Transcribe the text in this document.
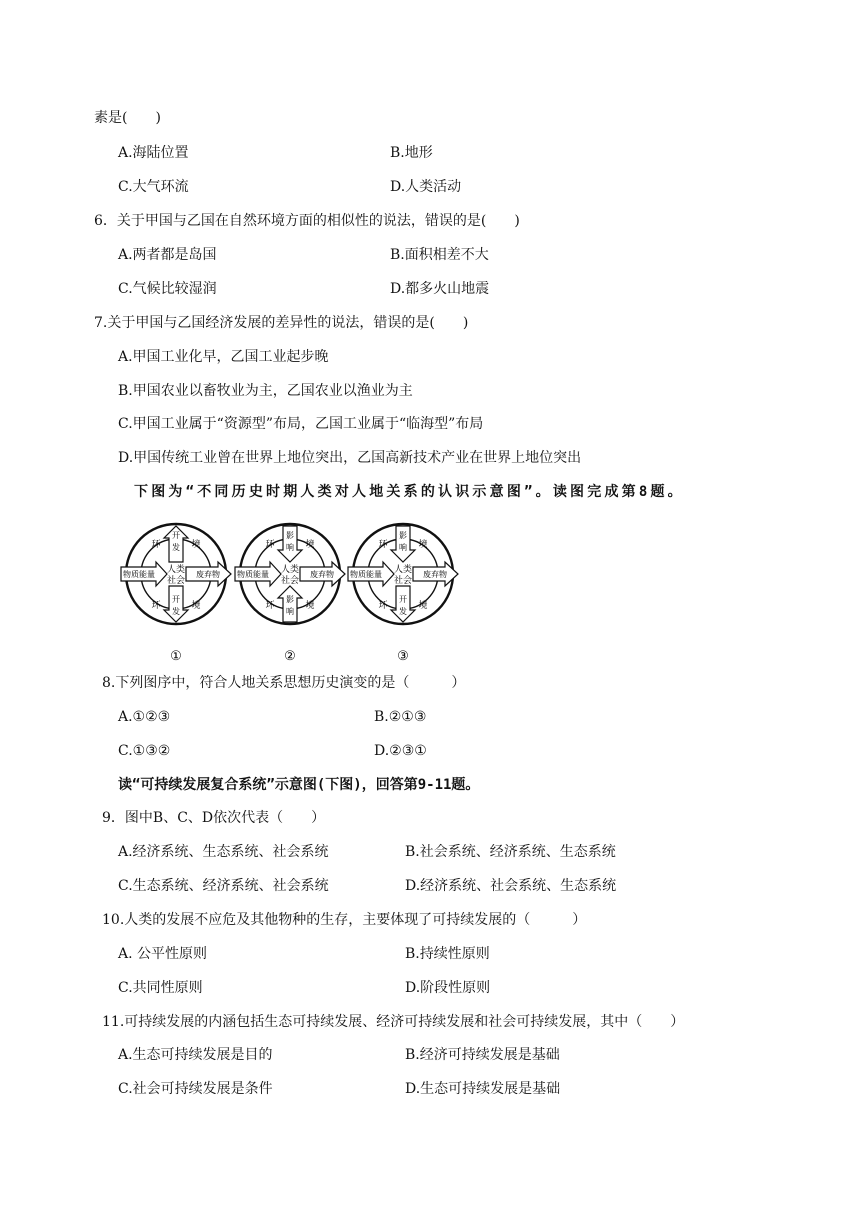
素是(　　)
A.海陆位置	B.地形
C.大气环流	D.人类活动
6．关于甲国与乙国在自然环境方面的相似性的说法，错误的是(　　)
A.两者都是岛国	B.面积相差不大
C.气候比较湿润	D.都多火山地震
7.关于甲国与乙国经济发展的差异性的说法，错误的是(　　)
A.甲国工业化早，乙国工业起步晚
B.甲国农业以畜牧业为主，乙国农业以渔业为主
C.甲国工业属于“资源型”布局，乙国工业属于“临海型”布局
D.甲国传统工业曾在世界上地位突出，乙国高新技术产业在世界上地位突出
下图为“不同历史时期人类对人地关系的认识示意图”。读图完成第8题。
环	境
开
发
人类
社会
物质能量	废弃物
环	境
开
发
环	境
影
响
人类
社会
物质能量	废弃物
环	境
影
响
环	境
影
响
人类
社会
物质能量	废弃物
环	境
开
发
①	②	③
8.下列图序中，符合人地关系思想历史演变的是（　　　）
A.①②③	B.②①③
C.①③②	D.②③①
读“可持续发展复合系统”示意图(下图)，回答第9-11题。
9．图中B、C、D依次代表（　　）
A.经济系统、生态系统、社会系统	B.社会系统、经济系统、生态系统
C.生态系统、经济系统、社会系统	D.经济系统、社会系统、生态系统
10.人类的发展不应危及其他物种的生存，主要体现了可持续发展的（　　　）
A. 公平性原则	B.持续性原则
C.共同性原则	D.阶段性原则
11.可持续发展的内涵包括生态可持续发展、经济可持续发展和社会可持续发展，其中（　　）
A.生态可持续发展是目的	B.经济可持续发展是基础
C.社会可持续发展是条件	D.生态可持续发展是基础
